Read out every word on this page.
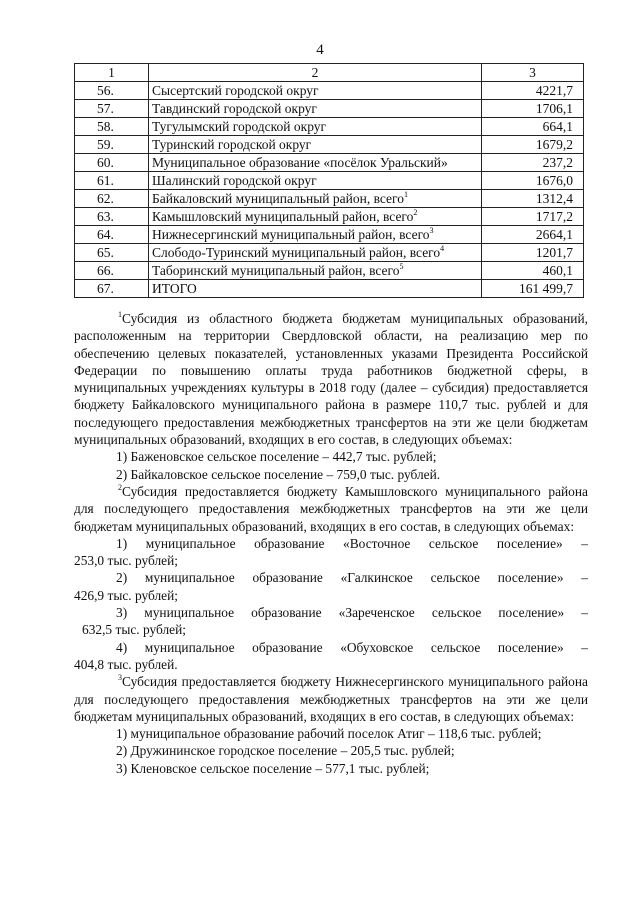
4
1	2	3
56.	Сысертский городской округ	4221,7
57.	Тавдинский городской округ	1706,1
58.	Тугулымский городской округ	664,1
59.	Туринский городской округ	1679,2
60.	Муниципальное образование «посёлок Уральский»	237,2
61.	Шалинский городской округ	1676,0
62.	Байкаловский муниципальный район, всего$^1$	1312,4
63.	Камышловский муниципальный район, всего$^2$	1717,2
64.	Нижнесергинский муниципальный район, всего$^3$	2664,1
65.	Слободо-Туринский муниципальный район, всего$^4$	1201,7
66.	Таборинский муниципальный район, всего$^5$	460,1
67.	ИТОГО	161 499,7

$^1$Субсидия из областного бюджета бюджетам муниципальных образований, расположенным на территории Свердловской области, на реализацию мер по обеспечению целевых показателей, установленных указами Президента Российской Федерации по повышению оплаты труда работников бюджетной сферы, в муниципальных учреждениях культуры в 2018 году (далее – субсидия) предоставляется бюджету Байкаловского муниципального района в размере 110,7 тыс. рублей и для последующего предоставления межбюджетных трансфертов на эти же цели бюджетам муниципальных образований, входящих в его состав, в следующих объемах:

1) Баженовское сельское поселение – 442,7 тыс. рублей;

2) Байкаловское сельское поселение – 759,0 тыс. рублей.

$^2$Субсидия предоставляется бюджету Камышловского муниципального района для последующего предоставления межбюджетных трансфертов на эти же цели бюджетам муниципальных образований, входящих в его состав, в следующих объемах:

1) муниципальное образование «Восточное сельское поселение» –

253,0 тыс. рублей;

2) муниципальное образование «Галкинское сельское поселение» –

426,9 тыс. рублей;

3) муниципальное образование «Зареченское сельское поселение» –

632,5 тыс. рублей;

4) муниципальное образование «Обуховское сельское поселение» –

404,8 тыс. рублей.

$^3$Субсидия предоставляется бюджету Нижнесергинского муниципального района для последующего предоставления межбюджетных трансфертов на эти же цели бюджетам муниципальных образований, входящих в его состав, в следующих объемах:

1) муниципальное образование рабочий поселок Атиг – 118,6 тыс. рублей;

2) Дружининское городское поселение – 205,5 тыс. рублей;

3) Кленовское сельское поселение – 577,1 тыс. рублей;
